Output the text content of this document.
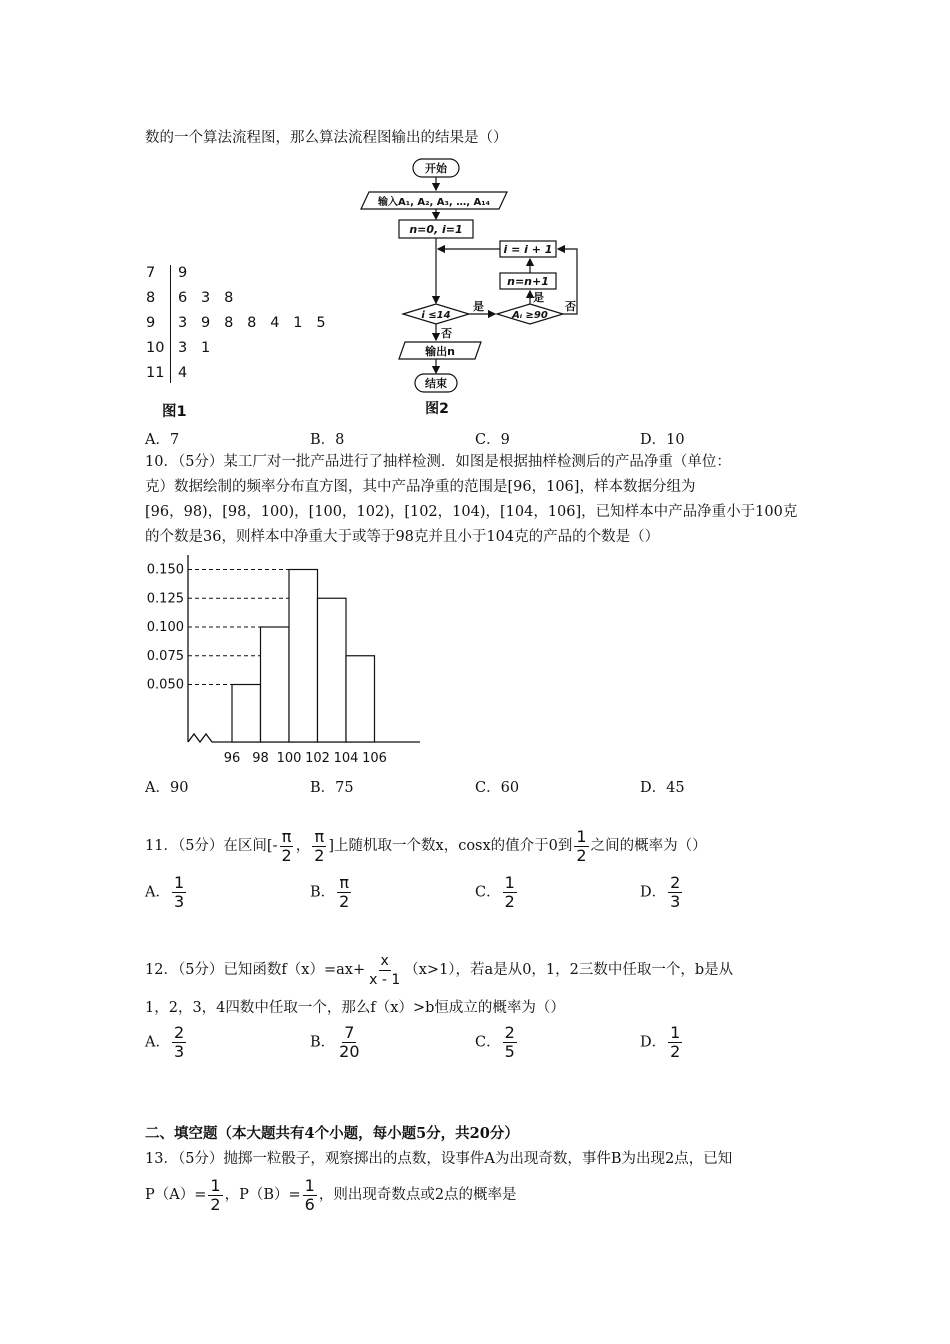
数的一个算法流程图，那么算法流程图输出的结果是（）
7 9
8 6   3   8
9 3   9   8   8   4   1   5
10 3   1
11 4
图1
开始
输入A₁, A₂, A₃, …, A₁₄
n=0, i=1
i = i + 1
n=n+1
i ≤14	Aᵢ ≥90
是
是
否
否
输出n
结束
图2
A．7	B．8	C．9	D．10
10．（5分）某工厂对一批产品进行了抽样检测．如图是根据抽样检测后的产品净重（单位：
克）数据绘制的频率分布直方图，其中产品净重的范围是[96，106]，样本数据分组为
[96，98)，[98，100)，[100，102)，[102，104)，[104，106]，已知样本中产品净重小于100克
的个数是36，则样本中净重大于或等于98克并且小于104克的产品的个数是（）
0.150
0.125
0.100
0.075
0.050
96 98 100 102 104 106
A．90	B．75	C．60	D．45
11．（5分）在区间[- $\frac{\pi}{2}$ ， $\frac{\pi}{2}$ ]上随机取一个数x，cosx的值介于0到 $\frac{1}{2}$ 之间的概率为（）
A． $\frac{1}{3}$	B． $\frac{\pi}{2}$	C． $\frac{1}{2}$	D． $\frac{2}{3}$
12．（5分）已知函数$f(x)=ax+ \frac{x}{x - 1} (x>1)$，若a是从0，1，2三数中任取一个，b是从
1，2，3，4四数中任取一个，那么f（x）>b恒成立的概率为（）
A． $\frac{2}{3}$	B． $\frac{7}{20}$	C． $\frac{2}{5}$	D． $\frac{1}{2}$
二、填空题（本大题共有4个小题，每小题5分，共20分）
13．（5分）抛掷一粒骰子，观察掷出的点数，设事件A为出现奇数，事件B为出现2点，已知
$P(A)= \frac{1}{2}$ ，$P(B)= \frac{1}{6}$ ，则出现奇数点或2点的概率是
